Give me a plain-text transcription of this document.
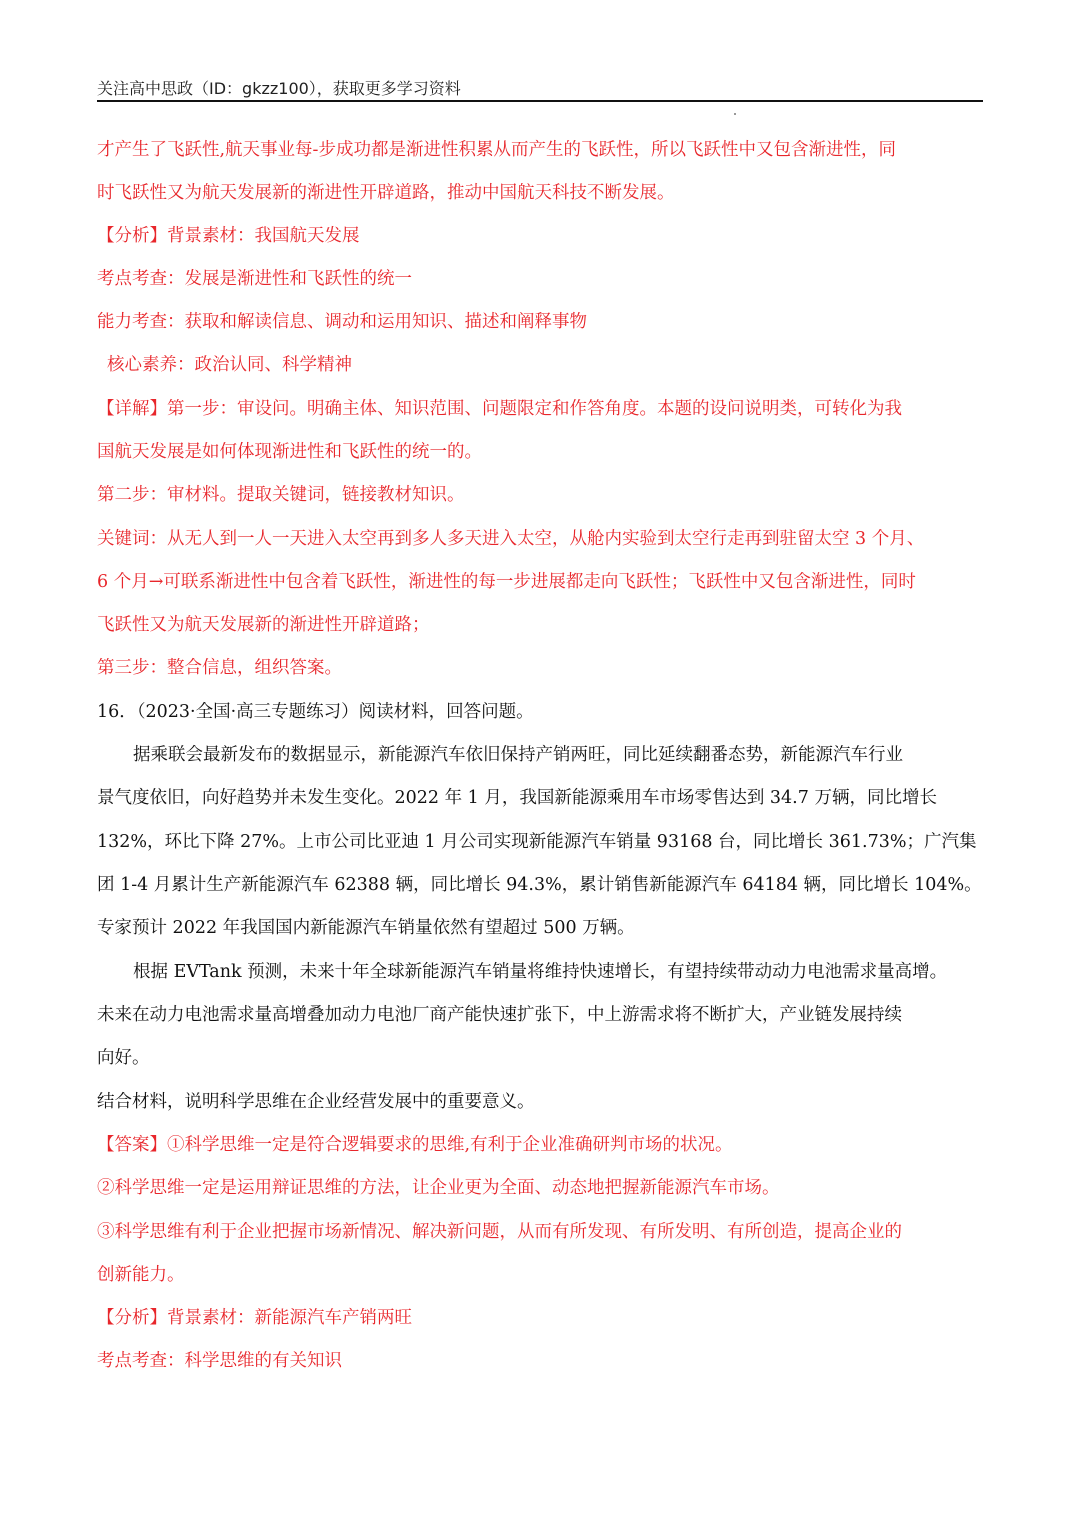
关注高中思政（ID：gkzz100），获取更多学习资料
才产生了飞跃性,航天事业每-步成功都是渐进性积累从而产生的飞跃性，所以飞跃性中又包含渐进性，同
时飞跃性又为航天发展新的渐进性开辟道路，推动中国航天科技不断发展。
【分析】背景素材：我国航天发展
考点考查：发展是渐进性和飞跃性的统一
能力考查：获取和解读信息、调动和运用知识、描述和阐释事物
核心素养：政治认同、科学精神
【详解】第一步：审设问。明确主体、知识范围、问题限定和作答角度。本题的设问说明类，可转化为我
国航天发展是如何体现渐进性和飞跃性的统一的。
第二步：审材料。提取关键词，链接教材知识。
关键词：从无人到一人一天进入太空再到多人多天进入太空，从舱内实验到太空行走再到驻留太空 3 个月、
6 个月→可联系渐进性中包含着飞跃性，渐进性的每一步进展都走向飞跃性；飞跃性中又包含渐进性，同时
飞跃性又为航天发展新的渐进性开辟道路；
第三步：整合信息，组织答案。
16．（2023·全国·高三专题练习）阅读材料，回答问题。
据乘联会最新发布的数据显示，新能源汽车依旧保持产销两旺，同比延续翻番态势，新能源汽车行业
景气度依旧，向好趋势并未发生变化。2022 年 1 月，我国新能源乘用车市场零售达到 34.7 万辆，同比增长
132%，环比下降 27%。上市公司比亚迪 1 月公司实现新能源汽车销量 93168 台，同比增长 361.73%；广汽集
团 1-4 月累计生产新能源汽车 62388 辆，同比增长 94.3%，累计销售新能源汽车 64184 辆，同比增长 104%。
专家预计 2022 年我国国内新能源汽车销量依然有望超过 500 万辆。
根据 EVTank 预测，未来十年全球新能源汽车销量将维持快速增长，有望持续带动动力电池需求量高增。
未来在动力电池需求量高增叠加动力电池厂商产能快速扩张下，中上游需求将不断扩大，产业链发展持续
向好。
结合材料，说明科学思维在企业经营发展中的重要意义。
【答案】①科学思维一定是符合逻辑要求的思维,有利于企业准确研判市场的状况。
②科学思维一定是运用辩证思维的方法，让企业更为全面、动态地把握新能源汽车市场。
③科学思维有利于企业把握市场新情况、解决新问题，从而有所发现、有所发明、有所创造，提高企业的
创新能力。
【分析】背景素材：新能源汽车产销两旺
考点考查：科学思维的有关知识
